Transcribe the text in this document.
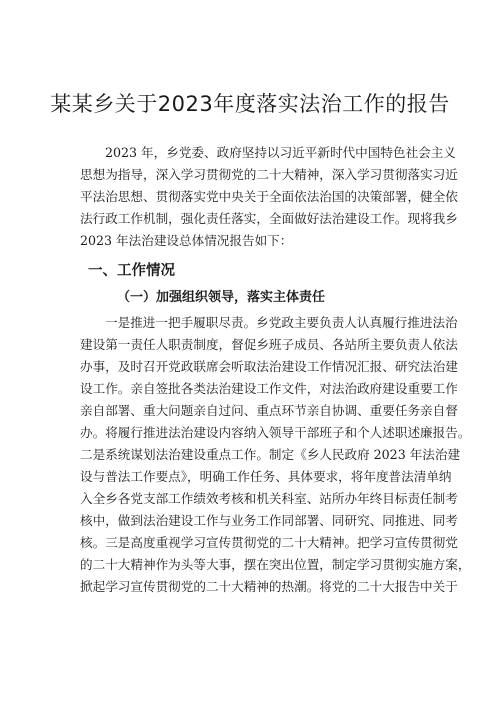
某某乡关于2023年度落实法治工作的报告
2023 年，乡党委、政府坚持以习近平新时代中国特色社会主义
思想为指导，深入学习贯彻党的二十大精神，深入学习贯彻落实习近
平法治思想、贯彻落实党中央关于全面依法治国的决策部署，健全依
法行政工作机制，强化责任落实，全面做好法治建设工作。现将我乡
2023 年法治建设总体情况报告如下：
一、工作情况
（一）加强组织领导，落实主体责任
一是推进一把手履职尽责。乡党政主要负责人认真履行推进法治
建设第一责任人职责制度，督促乡班子成员、各站所主要负责人依法
办事，及时召开党政联席会听取法治建设工作情况汇报、研究法治建
设工作。亲自签批各类法治建设工作文件，对法治政府建设重要工作
亲自部署、重大问题亲自过问、重点环节亲自协调、重要任务亲自督
办。将履行推进法治建设内容纳入领导干部班子和个人述职述廉报告。
二是系统谋划法治建设重点工作。制定《乡人民政府 2023 年法治建
设与普法工作要点》，明确工作任务、具体要求，将年度普法清单纳
入全乡各党支部工作绩效考核和机关科室、站所办年终目标责任制考
核中，做到法治建设工作与业务工作同部署、同研究、同推进、同考
核。三是高度重视学习宣传贯彻党的二十大精神。把学习宣传贯彻党
的二十大精神作为头等大事，摆在突出位置，制定学习贯彻实施方案，
掀起学习宣传贯彻党的二十大精神的热潮。将党的二十大报告中关于
